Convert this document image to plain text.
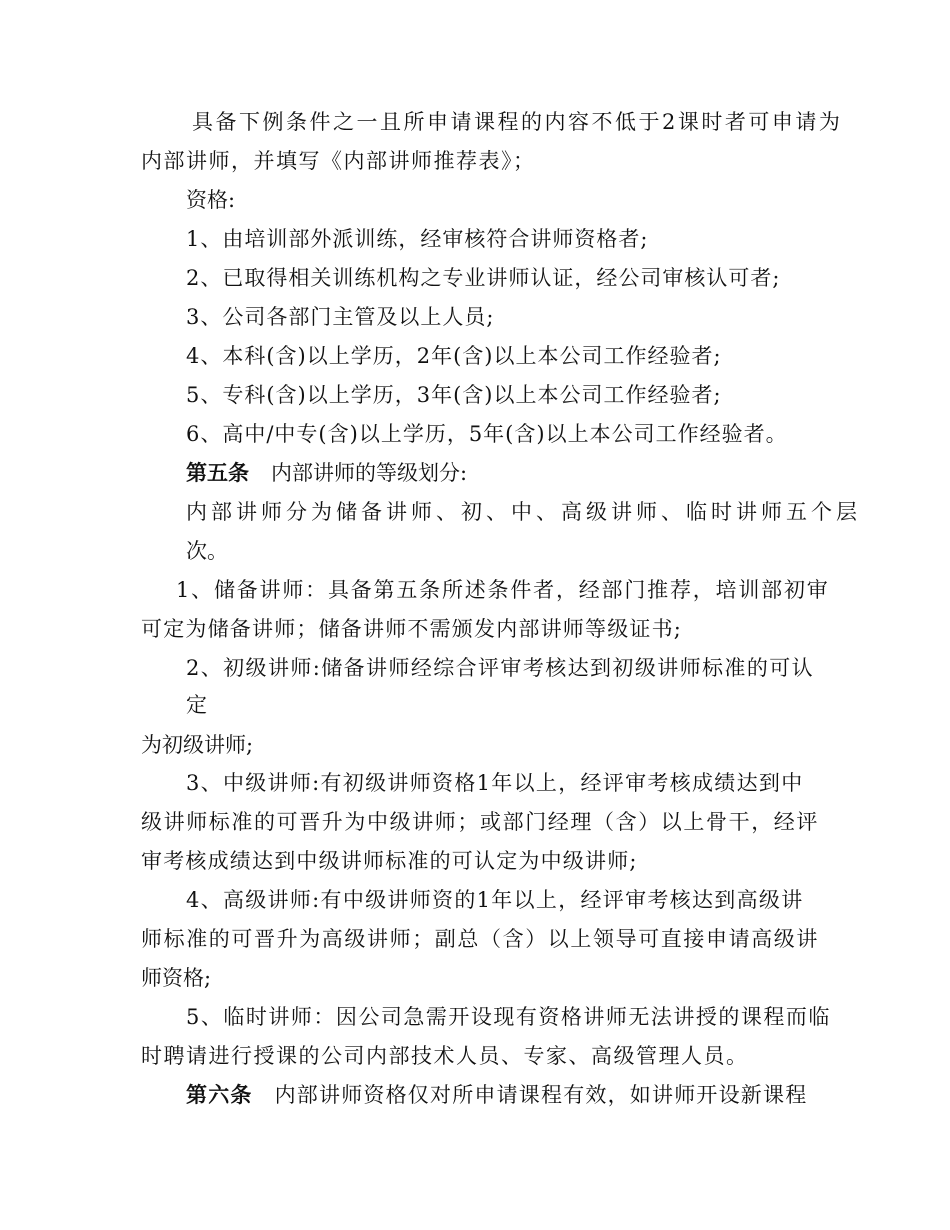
具备下例条件之一且所申请课程的内容不低于2课时者可申请为
内部讲师，并填写《内部讲师推荐表》；
资格:
1、由培训部外派训练，经审核符合讲师资格者;
2、已取得相关训练机构之专业讲师认证，经公司审核认可者;
3、公司各部门主管及以上人员;
4、本科(含)以上学历，2年(含)以上本公司工作经验者;
5、专科(含)以上学历，3年(含)以上本公司工作经验者;
6、高中/中专(含)以上学历，5年(含)以上本公司工作经验者。
第五条 内部讲师的等级划分:
内部讲师分为储备讲师、初、中、高级讲师、临时讲师五个层
次。
1、储备讲师：具备第五条所述条件者，经部门推荐，培训部初审
可定为储备讲师；储备讲师不需颁发内部讲师等级证书;
2、初级讲师:储备讲师经综合评审考核达到初级讲师标准的可认
定
为初级讲师;
3、中级讲师:有初级讲师资格1年以上，经评审考核成绩达到中
级讲师标准的可晋升为中级讲师；或部门经理（含）以上骨干，经评
审考核成绩达到中级讲师标准的可认定为中级讲师;
4、高级讲师:有中级讲师资的1年以上，经评审考核达到高级讲
师标准的可晋升为高级讲师；副总（含）以上领导可直接申请高级讲
师资格;
5、临时讲师：因公司急需开设现有资格讲师无法讲授的课程而临
时聘请进行授课的公司内部技术人员、专家、高级管理人员。
第六条 内部讲师资格仅对所申请课程有效，如讲师开设新课程
